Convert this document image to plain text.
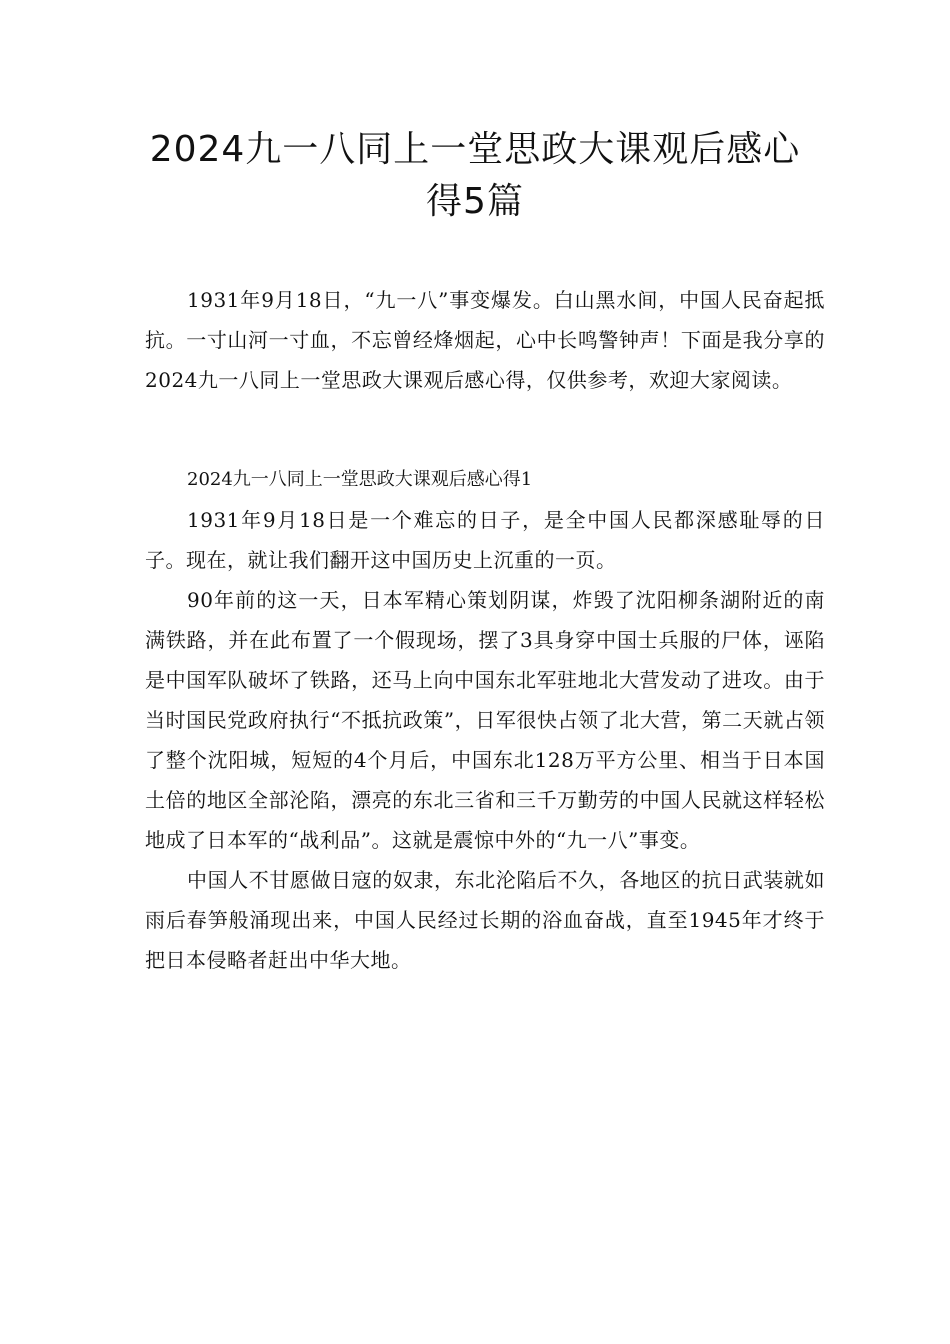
2024九一八同上一堂思政大课观后感心
得5篇

1931年9月18日，“九一八”事变爆发。白山黑水间，中国人民奋起抵抗。一寸山河一寸血，不忘曾经烽烟起，心中长鸣警钟声！下面是我分享的2024九一八同上一堂思政大课观后感心得，仅供参考，欢迎大家阅读。

2024九一八同上一堂思政大课观后感心得1

1931年9月18日是一个难忘的日子，是全中国人民都深感耻辱的日子。现在，就让我们翻开这中国历史上沉重的一页。

90年前的这一天，日本军精心策划阴谋，炸毁了沈阳柳条湖附近的南满铁路，并在此布置了一个假现场，摆了3具身穿中国士兵服的尸体，诬陷是中国军队破坏了铁路，还马上向中国东北军驻地北大营发动了进攻。由于当时国民党政府执行“不抵抗政策”，日军很快占领了北大营，第二天就占领了整个沈阳城，短短的4个月后，中国东北128万平方公里、相当于日本国土倍的地区全部沦陷，漂亮的东北三省和三千万勤劳的中国人民就这样轻松地成了日本军的“战利品”。这就是震惊中外的“九一八”事变。

中国人不甘愿做日寇的奴隶，东北沦陷后不久，各地区的抗日武装就如雨后春笋般涌现出来，中国人民经过长期的浴血奋战，直至1945年才终于把日本侵略者赶出中华大地。
